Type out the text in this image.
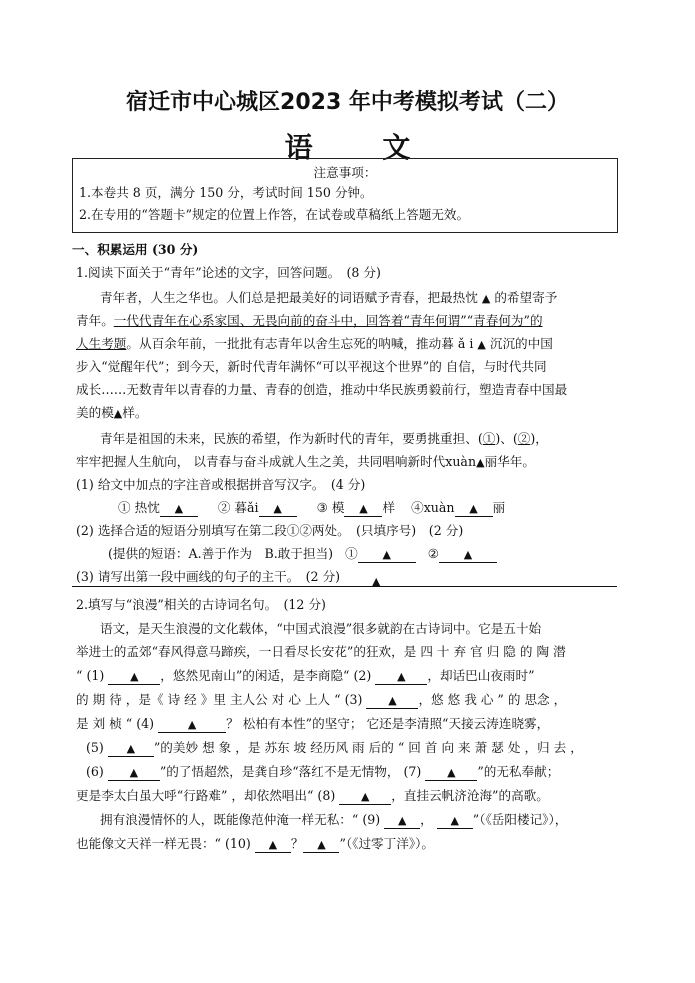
宿迁市中心城区2023 年中考模拟考试（二）
语 文
注意事项：
1.本卷共 8 页，满分 150 分，考试时间 150 分钟。
2.在专用的“答题卡”规定的位置上作答，在试卷或草稿纸上答题无效。
一、积累运用 (30 分)
1.阅读下面关于“青年”论述的文字，回答问题。　(8 分)
青年者，人生之华也。人们总是把最美好的词语赋予青春，把最热忱 ▲ 的希望寄予
青年。一代代青年在心系家国、无畏向前的奋斗中，回答着“青年何谓”“青春何为”的
人生考题。从百余年前，一批批有志青年以舍生忘死的呐喊，推动暮 ǎ i ▲ 沉沉的中国
步入“觉醒年代”；到今天，新时代青年满怀“可以平视这个世界”的 自信，与时代共同
成长……无数青年以青春的力量、青春的创造，推动中华民族勇毅前行，塑造青春中国最
美的模▲样。
青年是祖国的未来，民族的希望，作为新时代的青年，要勇挑重担、(①)、(②)，
牢牢把握人生航向， 以青春与奋斗成就人生之美，共同唱响新时代xuàn▲丽华年。
(1) 给文中加点的字注音或根据拼音写汉字。　(4 分)
① 热忱 ▲	② 暮ǎi ▲	③ 模 ▲ 样 ④xuàn ▲ 丽
(2) 选择合适的短语分别填写在第二段①②两处。　(只填序号)　(2 分)
(提供的短语：A.善于作为　B.敢于担当) ① ▲	② ▲
(3) 请写出第一段中画线的句子的主干。　(2 分)	▲
2.填写与“浪漫”相关的古诗词名句。　(12 分)
语文，是天生浪漫的文化载体，“中国式浪漫”很多就韵在古诗词中。它是五十始
举进士的孟郊“春风得意马蹄疾，一日看尽长安花”的狂欢，是 四 十 弃 官 归 隐 的 陶 潜
“ (1) ▲ ，悠然见南山”的闲适，是李商隐“ (2) ▲ ，却话巴山夜雨时”
的 期 待 ，是《 诗 经 》里 主人公 对 心 上人 “ (3) ▲ ，悠 悠 我 心 ” 的 思念 ，
是 刘 桢 “ (4)	▲ ？ 松柏有本性”的坚守； 它还是李清照“天接云涛连晓雾，
(5) ▲ ”的美妙 想 象 ，是 苏东 坡 经历风 雨 后的 “ 回 首 向 来 萧 瑟 处 ，归 去 ，
(6) ▲ ”的了悟超然，是龚自珍“落红不是无情物， (7) ▲ ”的无私奉献；
更是李太白虽大呼“行路难” ，却依然唱出“ (8) ▲ ，直挂云帆济沧海”的高歌。
拥有浪漫情怀的人，既能像范仲淹一样无私：“ (9) ▲ ， ▲ ”（《岳阳楼记》），
也能像文天祥一样无畏：“ (10) ▲ ？ ▲ ”（《过零丁洋》）。
